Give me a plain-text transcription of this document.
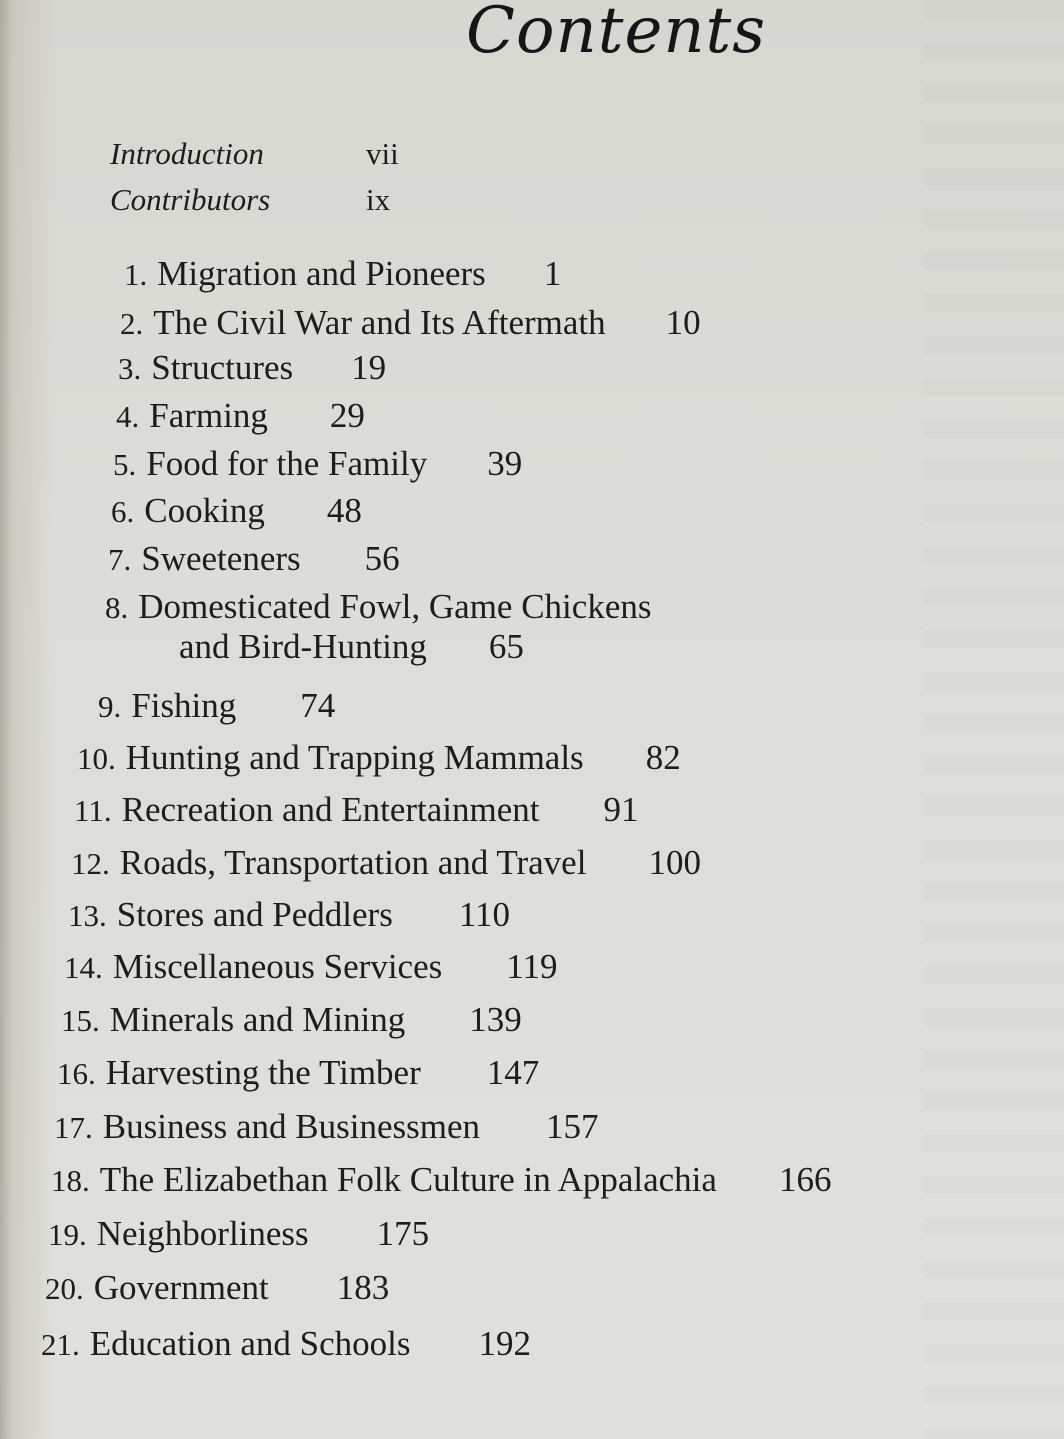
Contents
Introduction	vii
Contributors	ix
1. Migration and Pioneers 1
2. The Civil War and Its Aftermath 10
3. Structures 19
4. Farming 29
5. Food for the Family 39
6. Cooking 48
7. Sweeteners 56
8. Domesticated Fowl, Game Chickens
and Bird-Hunting 65
9. Fishing 74
10. Hunting and Trapping Mammals 82
11. Recreation and Entertainment 91
12. Roads, Transportation and Travel 100
13. Stores and Peddlers 110
14. Miscellaneous Services 119
15. Minerals and Mining 139
16. Harvesting the Timber 147
17. Business and Businessmen 157
18. The Elizabethan Folk Culture in Appalachia 166
19. Neighborliness 175
20. Government 183
21. Education and Schools 192
